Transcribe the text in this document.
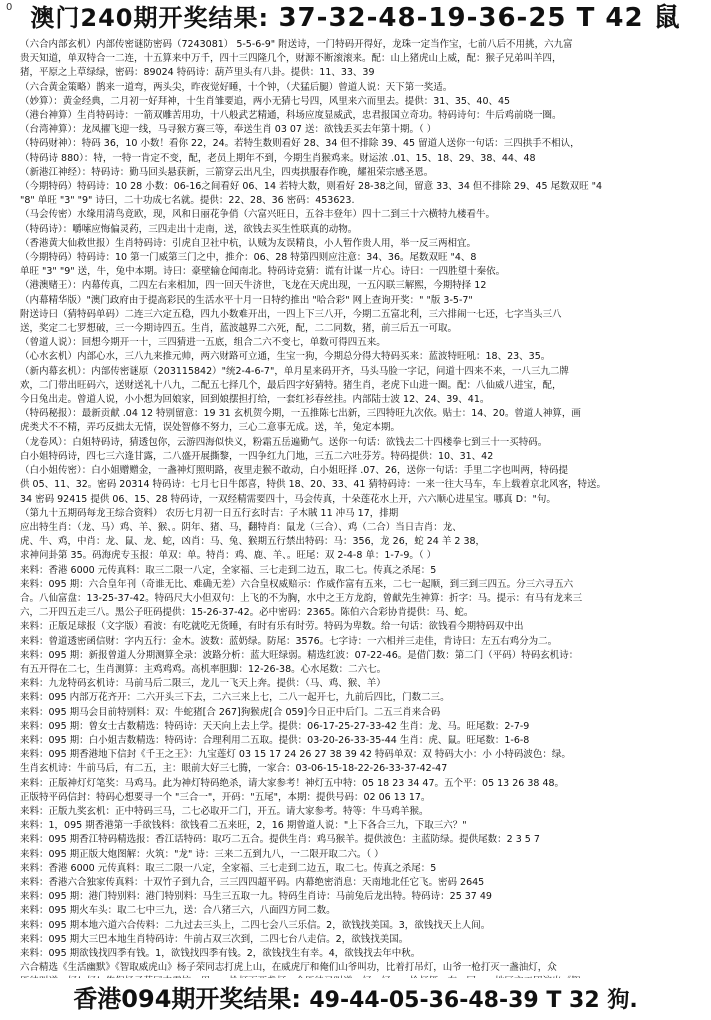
0 澳门240期开奖结果: 37-32-48-19-36-25 T 42 鼠
（六合内部玄机）内部传密谜防密码（7243081） 5-5-6-9" 附送诗，一门特码开得好，龙珠一定当作宝，七前八后不用挑，六九富
贵天知道，单双特合一二连，十五算来中万千，四十三四隆几个，财源不断滚滚来。配：山上猪虎山上威，配：猴子兄弟叫羊四，
猪，平原之上草绿绿，密码：89024 特码诗：葫芦里头有八卦。提供：11、33、39
（六合黄金策略）鹊来一道弯，两头尖，昨夜觉好睡，十个钟，（犬猛后腿）曾道人说：天下第一奖适。
（妙算）：黄金经典，二月初一好拜神，十生肖雏要追，两小无猜七号四，风里来六而里去。提供：31、35、40、45
（港台神算）生肖特码诗：一箭双雕苦用功，十八般武艺精通，科场应度显威武，忠君报国立奇功。特码诗句：牛后鸡前晓一圈。
（台湾神算）：龙凤擢飞迎一线，马寻猴方赛三等，奉送生肖 03 07 送：欲钱丢买去年第十期。（ ）
（特码财神）：特码 36，10 小数！看你 22，24。若特生数则看好 28、34 但不排除 39、45 留道人送你一句话：三四拱手不相认，
（特码诗 880）：特，一特一肯定不变，配，老员上期年不到，今期生肖猴鸡来。财运浓 .01、15、18、29、38、44、48
（新港江神经）：特码诗：勤马回头悬获新，三箭穿云出凡尘，四夷拱服春作晚，耀祖荣宗感圣恩。
（今期特码）特码诗：10 28 小数：06-16之间看好 06、14 若特大数，则看好 28-38之间，留意 33、34 但不排除 29、45 尾数双旺 "4
"8" 单旺 "3" "9" 诗曰，二十功成七名就。提供：22、28、36 密码：453623.
（马会传密）水缘用清鸟竟欧，现，风和日丽花争俏（六富兴旺日，五谷丰登年）四十二到三十六横特九楼看牛。
（特码诗）：嚼嗦应悔偏灵药，三四走出十走南，送，欲钱去买生性联真的动物。
（香港黄大仙救世报）生肖特码诗：引虎自卫社中杭，认贼为友误精良，小人暂作贵人用，举一反三两相宜。
（今期特码）特码诗：10 第一门威第三门之中，推介：06、28 特第四则应注意：34、36。尾数双旺 "4、8
单旺 "3" "9" 送，牛，兔中本期。诗曰：豪壁输仓闻南北。特码诗竞猜：谎有计谋一片心。诗曰：一四胜望十秦依。
（港澳赌王）：内幕传真，二四左右来相加，四一回天牛济世，飞龙在天虎出现，一五闪联三解熙，今期特择 12
（内幕精华版）"澳门政府由于提高彩民的生活水平十月一日特约推出 "哈合彩" 网上查询开奖：" "版 3-5-7"
附送诗曰（猜特码单码）二连三六定五稳，四九小数难开出，一四上下三八开，今期二五富北利，三六排闹一七还，七字当头三八
送，奖定二七罗想破，三一今期诗四五。生肖，蓝波越界二六死，配，二二同数，猪，前三后五一可取。
（曾道人说）：回想今期开一十，三四猜进一五底，组合二六不变七，单数可得四五来。
（心水玄机）内部心水，三八九来推元帅，两六财路可立通，生宝一狗，今期总分得大特码买来：蓝波特旺吼：18、23、35。
（新内幕玄机）：内部传密谜原（203115842）"统2-4-6-7"，单月星来码开齐，马头马脸一字记，问道十四来不来，一八三九二牌
欢，二门带出旺码六，送财送礼十八九，二配五七择几个，最后四字好猜特。猪生肖，老虎下山进一圈。配：八仙威八进宝，配，
今日兔出走。曾道人说，小小想为回娘家，回到娘摆担打给，一套红衫春丝挂。内部陆士波 12、24、39、41。
（特码秘报）：最新贡献 .04 12 特别留意：19 31 玄机贺今期，一五推陈七出新，三四特旺九次依。贴士：14、20。曾道人神算，画
虎类犬不不精，弄巧反拙太无情，误处智修不努力，三心二意事无成。送，羊，兔定本期。
（龙卷风）：白姐特码诗，猜透包你，云游四海似快义，粉霜五岳遍勤气。送你一句话：欲钱去二十四楼拳七到三十一买特码。
白小姐特码诗，四七三六逢甘露，二八盛开展撕黎，一四争红九门地，三五二六吐芬芳。特码提供：10、31、42
（白小姐传密）：白小姐赠赠金，一盏神灯照明路，夜里走猴不敢动，白小姐旺择 .07、26，送你一句话：手里二字也叫两，特码提
供 05、11、32。密码 20314 特码诗：七月七日牛郎喜，特供 18、20、33、41 猜特码诗：一来一往大马车，车上载着京北风客，特送。
34 密码 92415 提供 06、15、28 特码诗，一双经精需要四十，马会传真，十朵莲花水上开，六六顺心进星宝。哪真 D："句。
（第九十五期码每龙王综合资料） 农历七月初一日五行玄时吉：子木賊 11 冲马 17，排期
应出特生肖：（龙、马）鸡、羊、猴、。阴年、猪、马，翻特肖：鼠龙（三合）、鸡（二合）当日吉肖：龙、
虎、牛、鸡，中肖：龙、鼠、龙、蛇，凶肖：马、兔、猴期五行禁出特码：马：356，龙 26，蛇 24 羊 2 38，
求神问卦第 35。码海虎专玉报：单双：单。特肖：鸡、鹿、羊、。旺尾：双 2-4-8 单：1-7-9。（ ）
来料：香港 6000 元传真料：取三二限一八定，全家福、三七走到二边五，取二七。传真之杀尾：5
来料：095 期：六合皇年刊（奇谁无比、难确无差）六合皇权威赔示：作威作富有五来，二七一起顺，到三到三四五。分三六寻五六
合。八仙富盘：13-25-37-42。特码尺大小但双句：上飞的不为胸，水中之王方龙韵，曾献先生神算：折字：马。提示：有马有龙来三
六，二开四五走三八。黑公子旺码提供：15-26-37-42。必中密码：2365。陈伯六合彩协肯提供：马、蛇。
来料：正版足球报（文字版）看波：有吃就吃无货睡，有时有乐有时劳。特码为卑数。给一句话：欲钱看今期特码双中出
来料：曾道透密函信财：字内五行：金木。波数：蓝奶绿。防尾：3576。七字诗：一六相并三走佳，肯诗曰：左五右鸡分为二。
来料：095 期：新报曾道人分期测算全录：波路分析：蓝大旺绿弱。精选红波：07-22-46。是借门数：第二门（平码）特码玄机诗：
有五开得在二七，生肖测算：主鸡鸡鸡。高机率胆脚：12-26-38。心水尾数：二六七。
来料：九龙特码玄机诗：马前马后二限三，龙儿一飞天上奔。提供：（马、鸡、猴、羊）
来料：095 内部万花齐开：二六开头三下去，二六三来上七，二八一起开七，九前后四比，门数二三。
来料：095 期马会目前特别料：双：牛蛇猪[合 267]狗猴虎[合 059]今日正中后门。二五三肖来合码
来料：095 期：曾女士古数精选：特码诗：天天向上去上学。提供：06-17-25-27-33-42 生肖：龙、马。旺尾数：2-7-9
来料：095 期：白小姐吉数精选：特码诗：合理利用二五取。提供：03-20-26-33-35-44 生肖：虎、鼠。旺尾数：1-6-8
来料：095 期香港地下信封《千王之王》：九宝莲灯 03 15 17 24 26 27 38 39 42 特码单双：双 特码大小：小 小特码波色：绿。
生肖玄机诗：牛前马后，有二五，主：眼前大好三七腾，一家合：03-06-15-18-22-26-33-37-42-47
来料：正版神灯灯笔奖：马鸡马。此为神灯特码绝杀，请大家参考！神灯五中特：05 18 23 34 47。五个平：05 13 26 38 48。
正版特平码信封：特码心想要寻一个 "三合一"，开码："五尾"，本期：提供号码：02 06 13 17。
来料：正版九奖玄机：正中特码三马，二七必取开二门，开五。请大家参考。特等：牛马鸡羊猴。
来料：1，095 期香港第一手欲钱料：欲钱看二五来旺，2，16 期曾道人说："上下各合三九，下取三六？"
来料：095 期香江特码精选报：香江话特码：取巧二五合。提供生肖：鸡马猴羊。提供波色：主蓝防绿。提供尾数：2 3 5 7
来料：095 期正版大炮图解：火筑："龙" 诗：三来二五到九八，一二限开取二六。（ ）
来料：香港 6000 元传真料：取三二限一八定，全家福、三七走到二边五，取二七。传真之杀尾：5
来料：香港六合独家传真料：十双竹子到九合，三三四四超平码。内幕绝密消息：天南地北任它飞。密码 2645
来料：095 期：港门特别料：港门特别料：马生三五取一九。特码生肖诗：马前兔后龙出特。特码诗：25 37 49
来料：095 期火车头：取二七中三九，送：合八猪三六，八面四方同二数。
来料：095 期本地六道六合传料：二九过去三头上，二四七会八三乐信。2，欲钱找美国。3，欲钱找天上人间。
来料：095 期大三巴本地生肖特码诗：牛前占双三次到，二四七台八走信。2，欲钱找美国。
来料：095 期欲钱找四季有钱。1，欲钱找四季有钱。2，欲钱找生有幸。4，欲钱找去年中秋。
六合精选《生活幽默》《智取威虎山》杨子荣同志打虎上山，在威虎厅和俺们山爷叫功，比着打吊灯，山爷一枪打灭一盏油灯，众
香港094期开奖结果: 49-44-05-36-48-39 T 32 狗.
